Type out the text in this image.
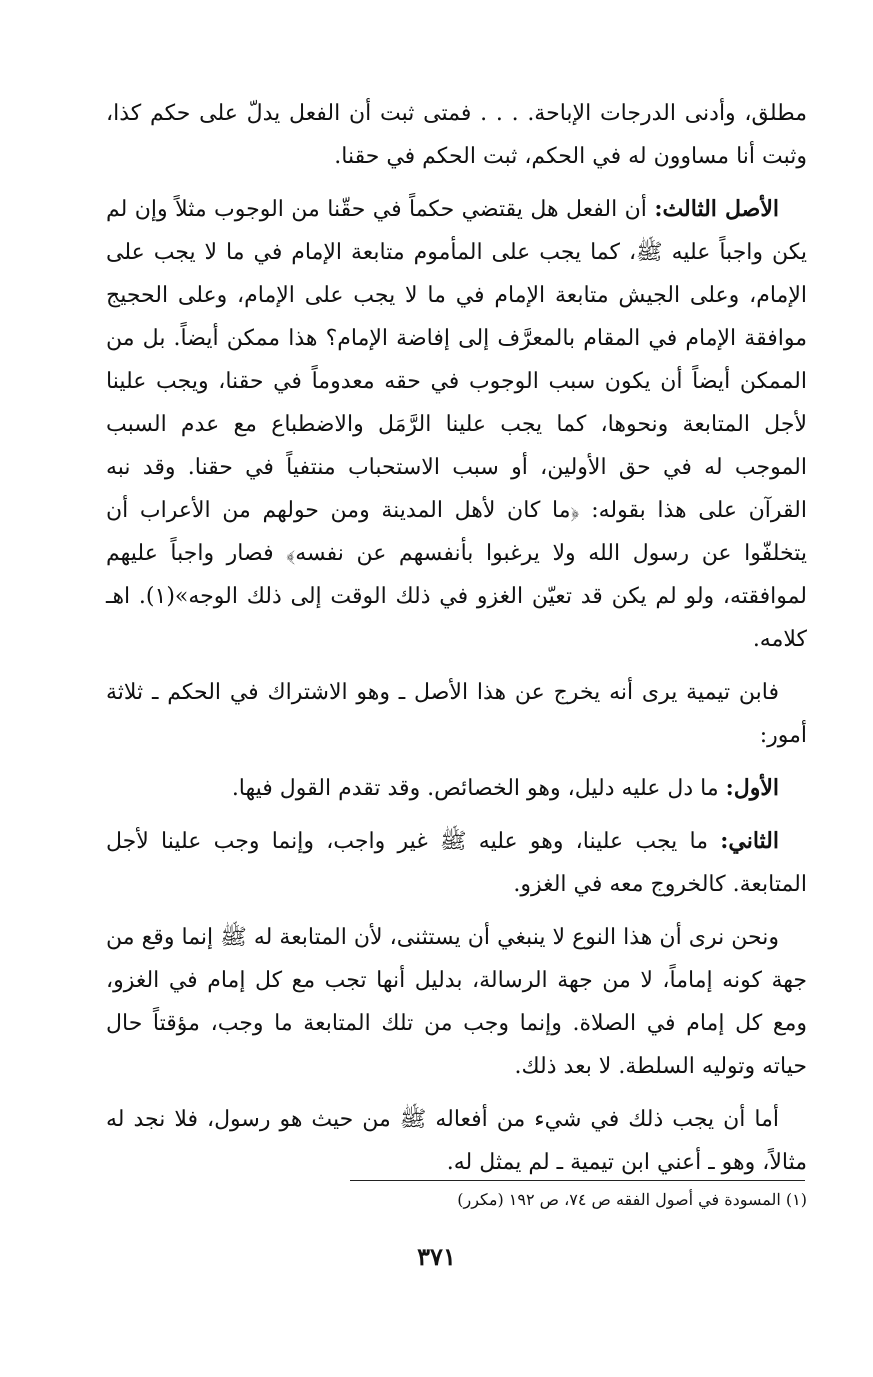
مطلق، وأدنى الدرجات الإباحة. . . . فمتى ثبت أن الفعل يدلّ على حكم كذا، وثبت أنا مساوون له في الحكم، ثبت الحكم في حقنا.

الأصل الثالث: أن الفعل هل يقتضي حكماً في حقّنا من الوجوب مثلاً وإن لم يكن واجباً عليه ﷺ، كما يجب على المأموم متابعة الإمام في ما لا يجب على الإمام، وعلى الجيش متابعة الإمام في ما لا يجب على الإمام، وعلى الحجيج موافقة الإمام في المقام بالمعرَّف إلى إفاضة الإمام؟ هذا ممكن أيضاً. بل من الممكن أيضاً أن يكون سبب الوجوب في حقه معدوماً في حقنا، ويجب علينا لأجل المتابعة ونحوها، كما يجب علينا الرَّمَل والاضطباع مع عدم السبب الموجب له في حق الأولين، أو سبب الاستحباب منتفياً في حقنا. وقد نبه القرآن على هذا بقوله: ﴿ما كان لأهل المدينة ومن حولهم من الأعراب أن يتخلفّوا عن رسول الله ولا يرغبوا بأنفسهم عن نفسه﴾ فصار واجباً عليهم لموافقته، ولو لم يكن قد تعيّن الغزو في ذلك الوقت إلى ذلك الوجه»(١). اهـ كلامه.

فابن تيمية يرى أنه يخرج عن هذا الأصل ـ وهو الاشتراك في الحكم ـ ثلاثة أمور:

الأول: ما دل عليه دليل، وهو الخصائص. وقد تقدم القول فيها.

الثاني: ما يجب علينا، وهو عليه ﷺ غير واجب، وإنما وجب علينا لأجل المتابعة. كالخروج معه في الغزو.

ونحن نرى أن هذا النوع لا ينبغي أن يستثنى، لأن المتابعة له ﷺ إنما وقع من جهة كونه إماماً، لا من جهة الرسالة، بدليل أنها تجب مع كل إمام في الغزو، ومع كل إمام في الصلاة. وإنما وجب من تلك المتابعة ما وجب، مؤقتاً حال حياته وتوليه السلطة. لا بعد ذلك.

أما أن يجب ذلك في شيء من أفعاله ﷺ من حيث هو رسول، فلا نجد له مثالاً، وهو ـ أعني ابن تيمية ـ لم يمثل له.

(١) المسودة في أصول الفقه ص ٧٤، ص ١٩٢ (مكرر)
٣٧١
